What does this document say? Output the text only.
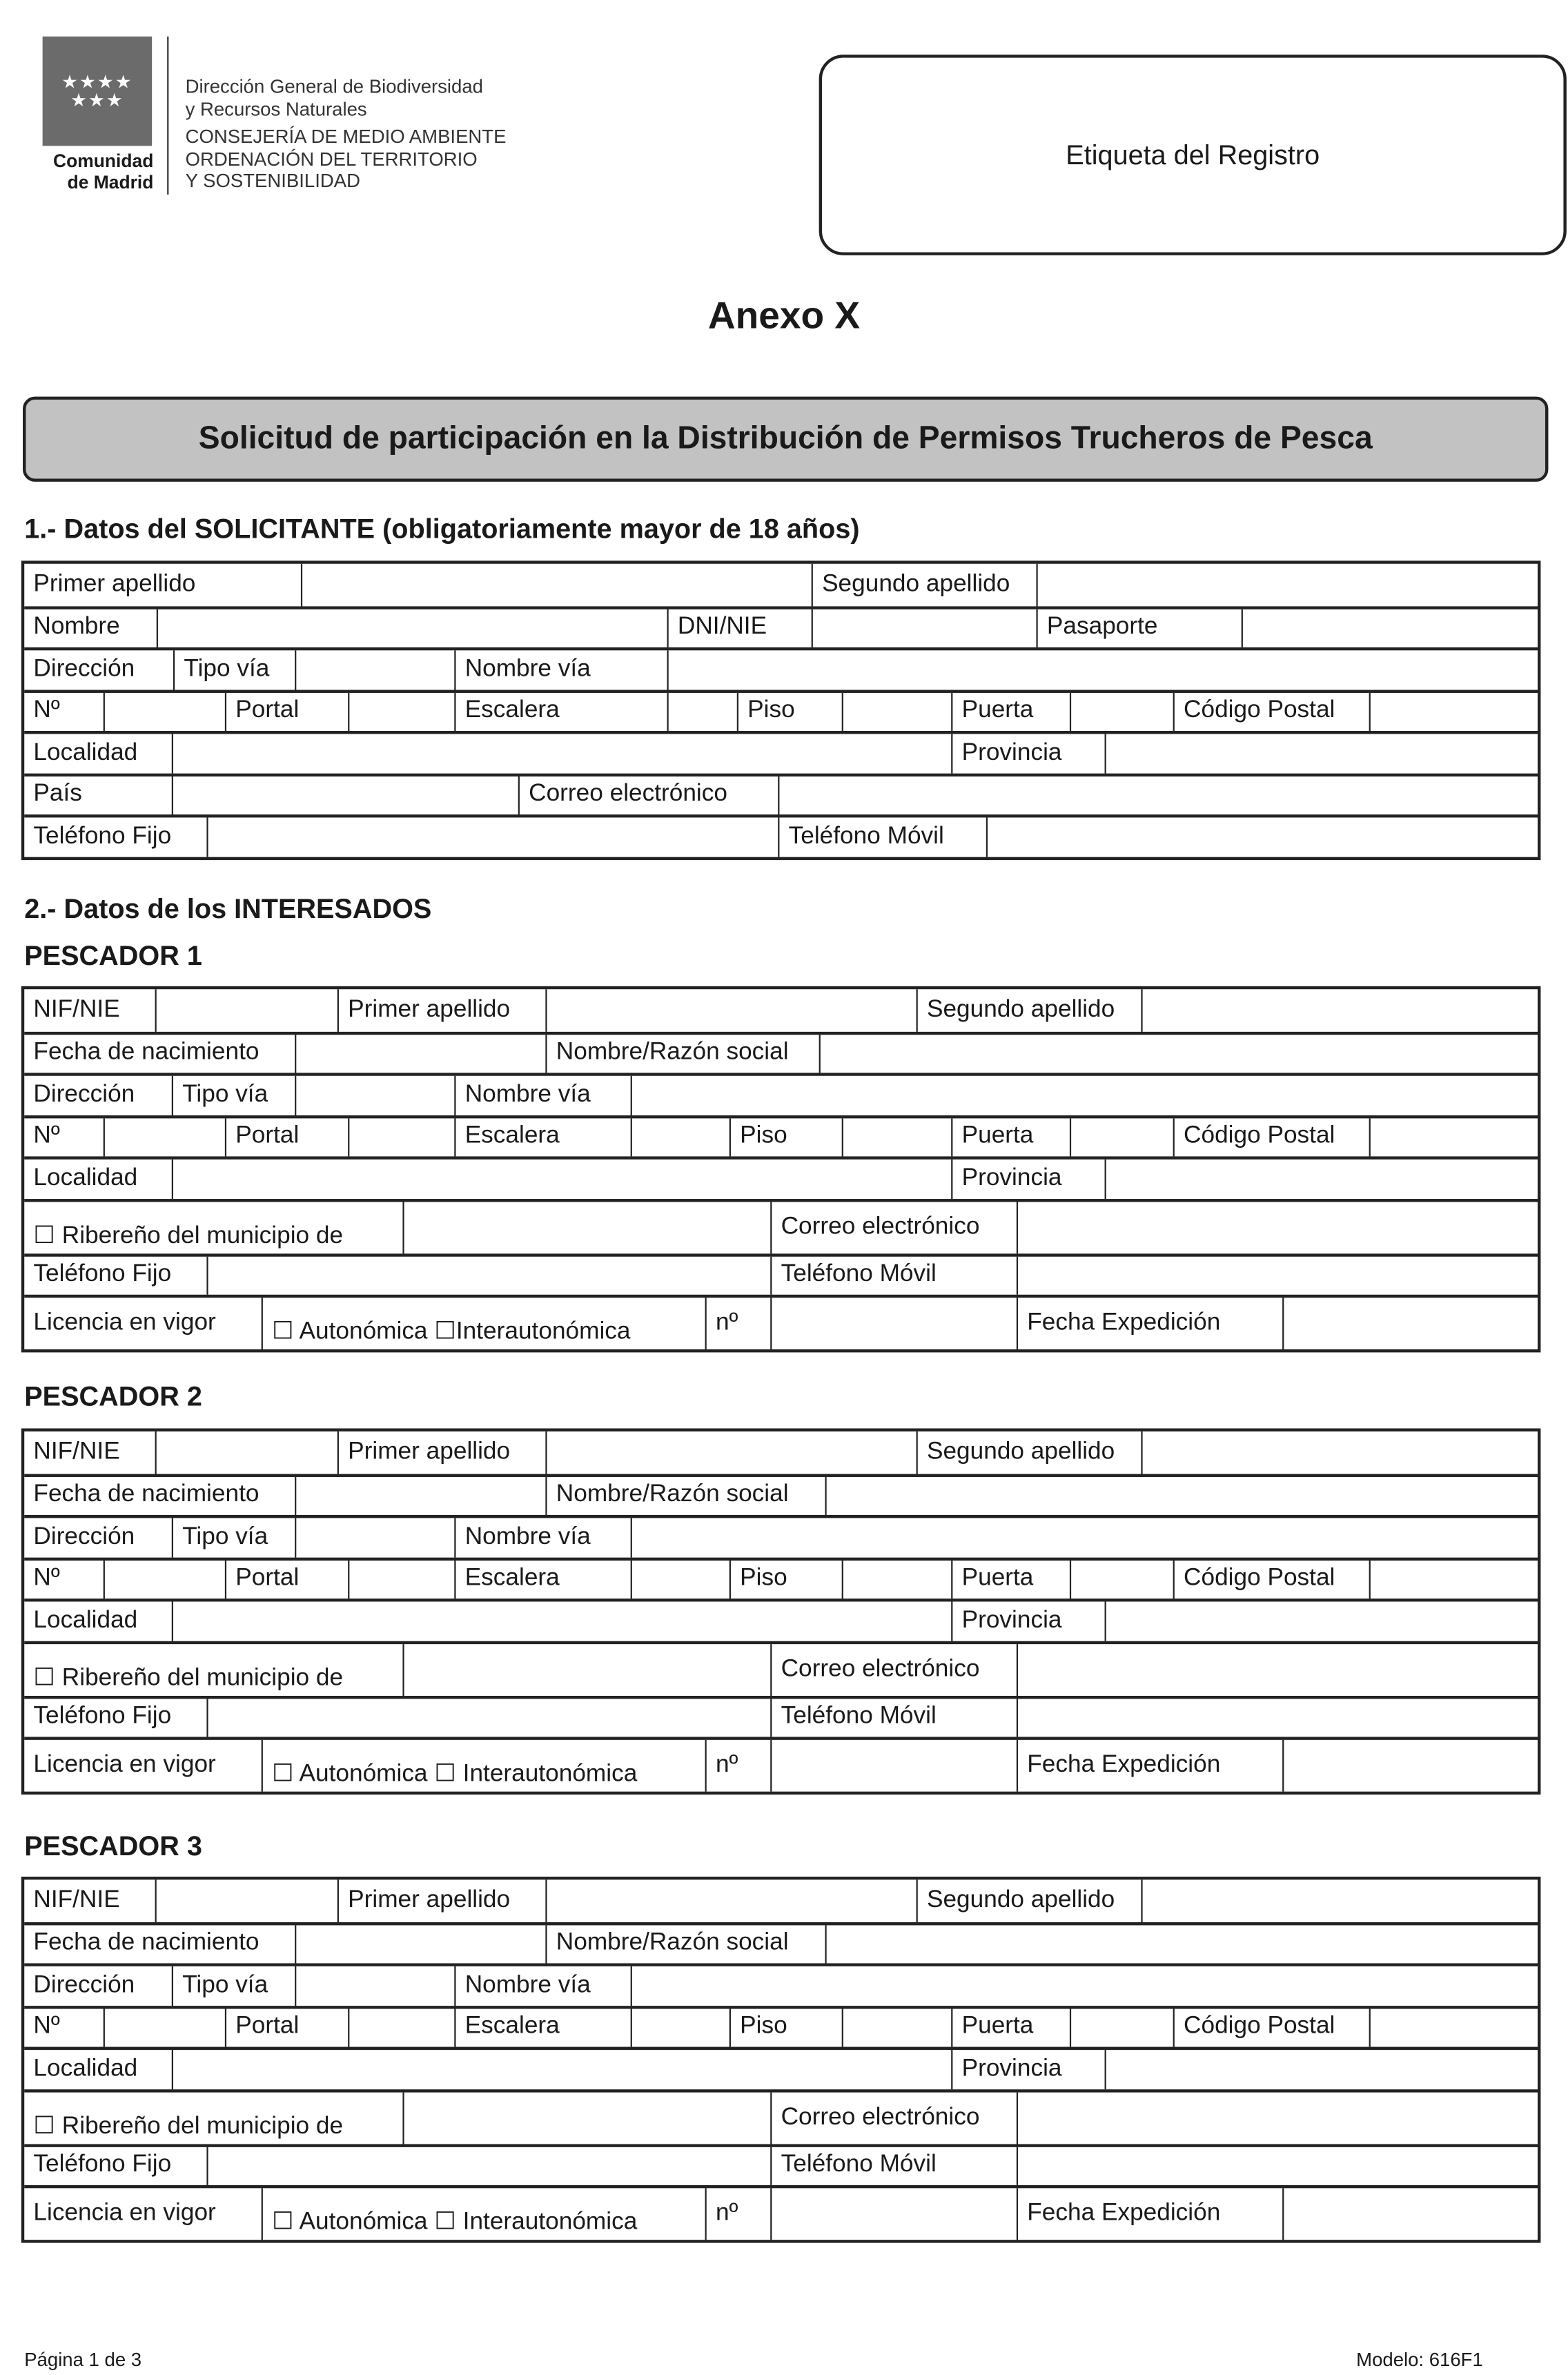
★★★★
★★★
Comunidad
de Madrid
Dirección General de Biodiversidad
y Recursos Naturales
CONSEJERÍA DE MEDIO AMBIENTE
ORDENACIÓN DEL TERRITORIO
Y SOSTENIBILIDAD
Etiqueta del Registro
Anexo X
Solicitud de participación en la Distribución de Permisos Trucheros de Pesca
1.- Datos del SOLICITANTE (obligatoriamente mayor de 18 años)
Primer apellido	Segundo apellido
Nombre	DNI/NIE	Pasaporte
Dirección	Tipo vía	Nombre vía
Nº	Portal	Escalera	Piso	Puerta	Código Postal
Localidad	Provincia
País	Correo electrónico
Teléfono Fijo	Teléfono Móvil
2.- Datos de los INTERESADOS
PESCADOR 1
NIF/NIE	Primer apellido	Segundo apellido
Fecha de nacimiento	Nombre/Razón social
Dirección	Tipo vía	Nombre vía
Nº	Portal	Escalera	Piso	Puerta	Código Postal
Localidad	Provincia
☐ Ribereño del municipio de	Correo electrónico
Teléfono Fijo	Teléfono Móvil
Licencia en vigor	☐ Autonómica ☐Interautonómica	nº	Fecha Expedición
PESCADOR 2
NIF/NIE	Primer apellido	Segundo apellido
Fecha de nacimiento	Nombre/Razón social
Dirección	Tipo vía	Nombre vía
Nº	Portal	Escalera	Piso	Puerta	Código Postal
Localidad	Provincia
☐ Ribereño del municipio de	Correo electrónico
Teléfono Fijo	Teléfono Móvil
Licencia en vigor	☐ Autonómica ☐ Interautonómica	nº	Fecha Expedición
PESCADOR 3
NIF/NIE	Primer apellido	Segundo apellido
Fecha de nacimiento	Nombre/Razón social
Dirección	Tipo vía	Nombre vía
Nº	Portal	Escalera	Piso	Puerta	Código Postal
Localidad	Provincia
☐ Ribereño del municipio de	Correo electrónico
Teléfono Fijo	Teléfono Móvil
Licencia en vigor	☐ Autonómica ☐ Interautonómica	nº	Fecha Expedición
Página 1 de 3	Modelo: 616F1
